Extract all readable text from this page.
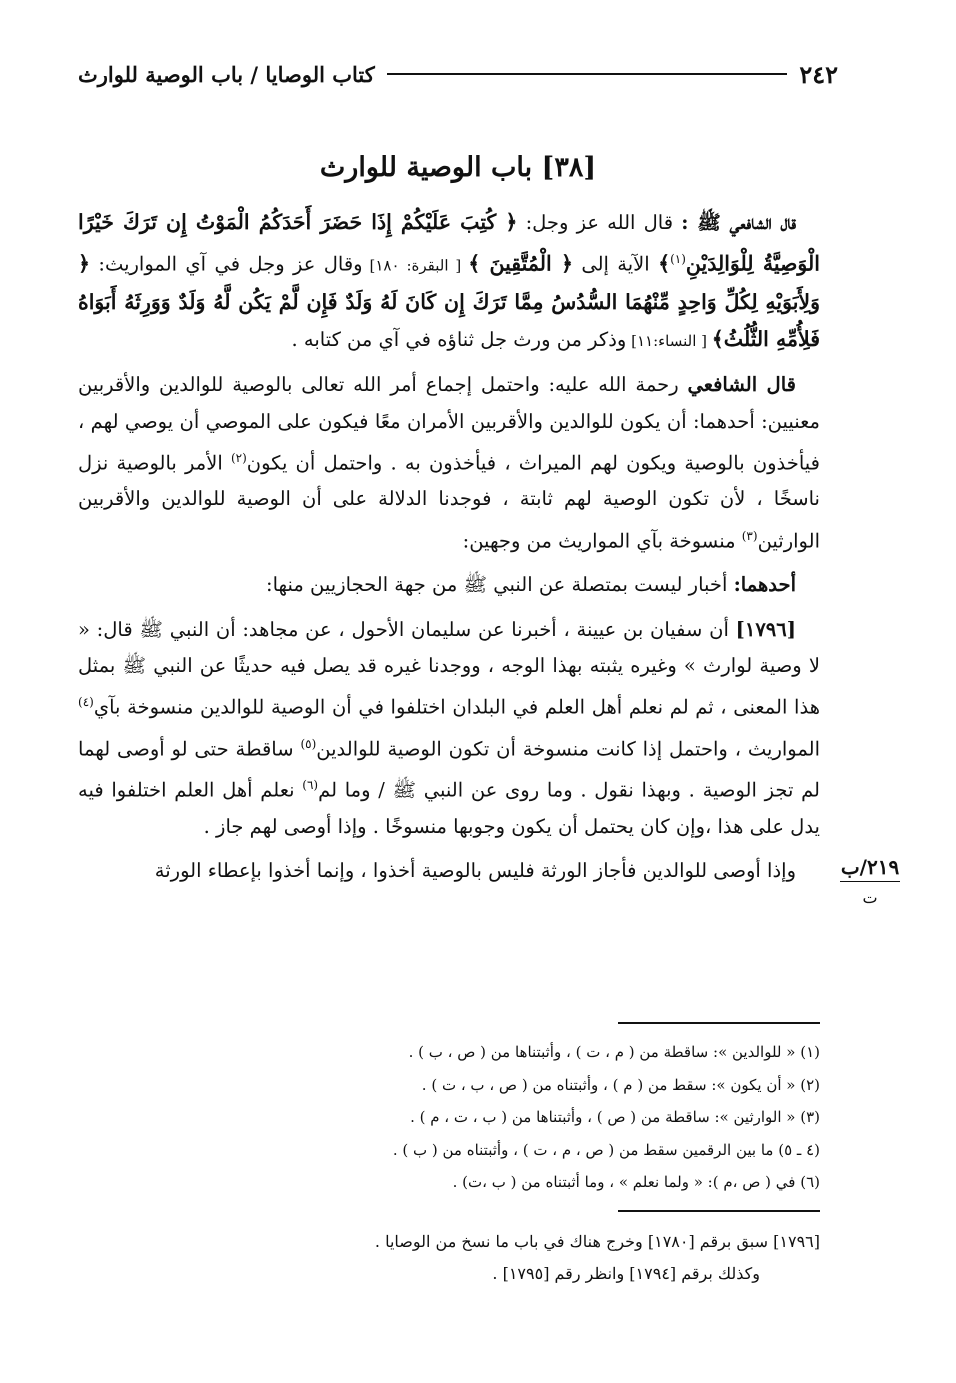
٢٤٢
كتاب الوصايا / باب الوصية للوارث
[٣٨] باب الوصية للوارث

قال الشافعي ﷺ : قال الله عز وجل: ﴿ كُتِبَ عَلَيْكُمْ إِذَا حَضَرَ أَحَدَكُمُ الْمَوْتُ إِن تَرَكَ خَيْرًا الْوَصِيَّةُ لِلْوَالِدَيْنِ$^{(١)}$﴾ الآية إلى ﴿ الْمُتَّقِينَ ﴾ [ البقرة: ١٨٠] وقال عز وجل في آي المواريث: ﴿ وَلِأَبَوَيْهِ لِكُلِّ وَاحِدٍ مِّنْهُمَا السُّدُسُ مِمَّا تَرَكَ إِن كَانَ لَهُ وَلَدٌ فَإِن لَّمْ يَكُن لَّهُ وَلَدٌ وَوَرِثَهُ أَبَوَاهُ فَلِأُمِّهِ الثُّلُثُ﴾ [ النساء:١١] وذكر من ورث جل ثناؤه في آي من كتابه .

قال الشافعي رحمة الله عليه: واحتمل إجماع أمر الله تعالى بالوصية للوالدين والأقربين معنيين: أحدهما: أن يكون للوالدين والأقربين الأمران معًا فيكون على الموصي أن يوصي لهم ، فيأخذون بالوصية ويكون لهم الميراث ، فيأخذون به . واحتمل أن يكون$^{(٢)}$ الأمر بالوصية نزل ناسخًا ، لأن تكون الوصية لهم ثابتة ، فوجدنا الدلالة على أن الوصية للوالدين والأقربين الوارثين$^{(٣)}$ منسوخة بآي المواريث من وجهين:

أحدهما: أخبار ليست بمتصلة عن النبي ﷺ من جهة الحجازيين منها:

[١٧٩٦] أن سفيان بن عيينة ، أخبرنا عن سليمان الأحول ، عن مجاهد: أن النبي ﷺ قال: « لا وصية لوارث » وغيره يثبته بهذا الوجه ، ووجدنا غيره قد يصل فيه حديثًا عن النبي ﷺ بمثل هذا المعنى ، ثم لم نعلم أهل العلم في البلدان اختلفوا في أن الوصية للوالدين منسوخة بآي$^{(٤)}$ المواريث ، واحتمل إذا كانت منسوخة أن تكون الوصية للوالدين$^{(٥)}$ ساقطة حتى لو أوصى لهما لم تجز الوصية . وبهذا نقول . وما روى عن النبي ﷺ / وما لم$^{(٦)}$ نعلم أهل العلم اختلفوا فيه يدل على هذا ،وإن كان يحتمل أن يكون وجوبها منسوخًا . وإذا أوصى لهم جاز .

وإذا أوصى للوالدين فأجاز الورثة فليس بالوصية أخذوا ، وإنما أخذوا بإعطاء الورثة	٢١٩/ب
ت
(١) « للوالدين »: ساقطة من ( م ، ت ) ، وأثبتناها من ( ص ، ب ) .
(٢) « أن يكون »: سقط من ( م ) ، وأثبتناه من ( ص ، ب ، ت ) .
(٣) « الوارثين »: ساقطة من ( ص ) ، وأثبتناها من ( ب ، ت ، م ) .
(٤ ـ ٥) ما بين الرقمين سقط من ( ص ، م ، ت ) ، وأثبتناه من ( ب ) .
(٦) في ( ص ،م ): « ولما نعلم » ، وما أثبتناه من ( ب ،ت) .
[١٧٩٦] سبق برقم [١٧٨٠] وخرج هناك في باب ما نسخ من الوصايا .
وكذلك برقم [١٧٩٤] وانظر رقم [١٧٩٥] .
